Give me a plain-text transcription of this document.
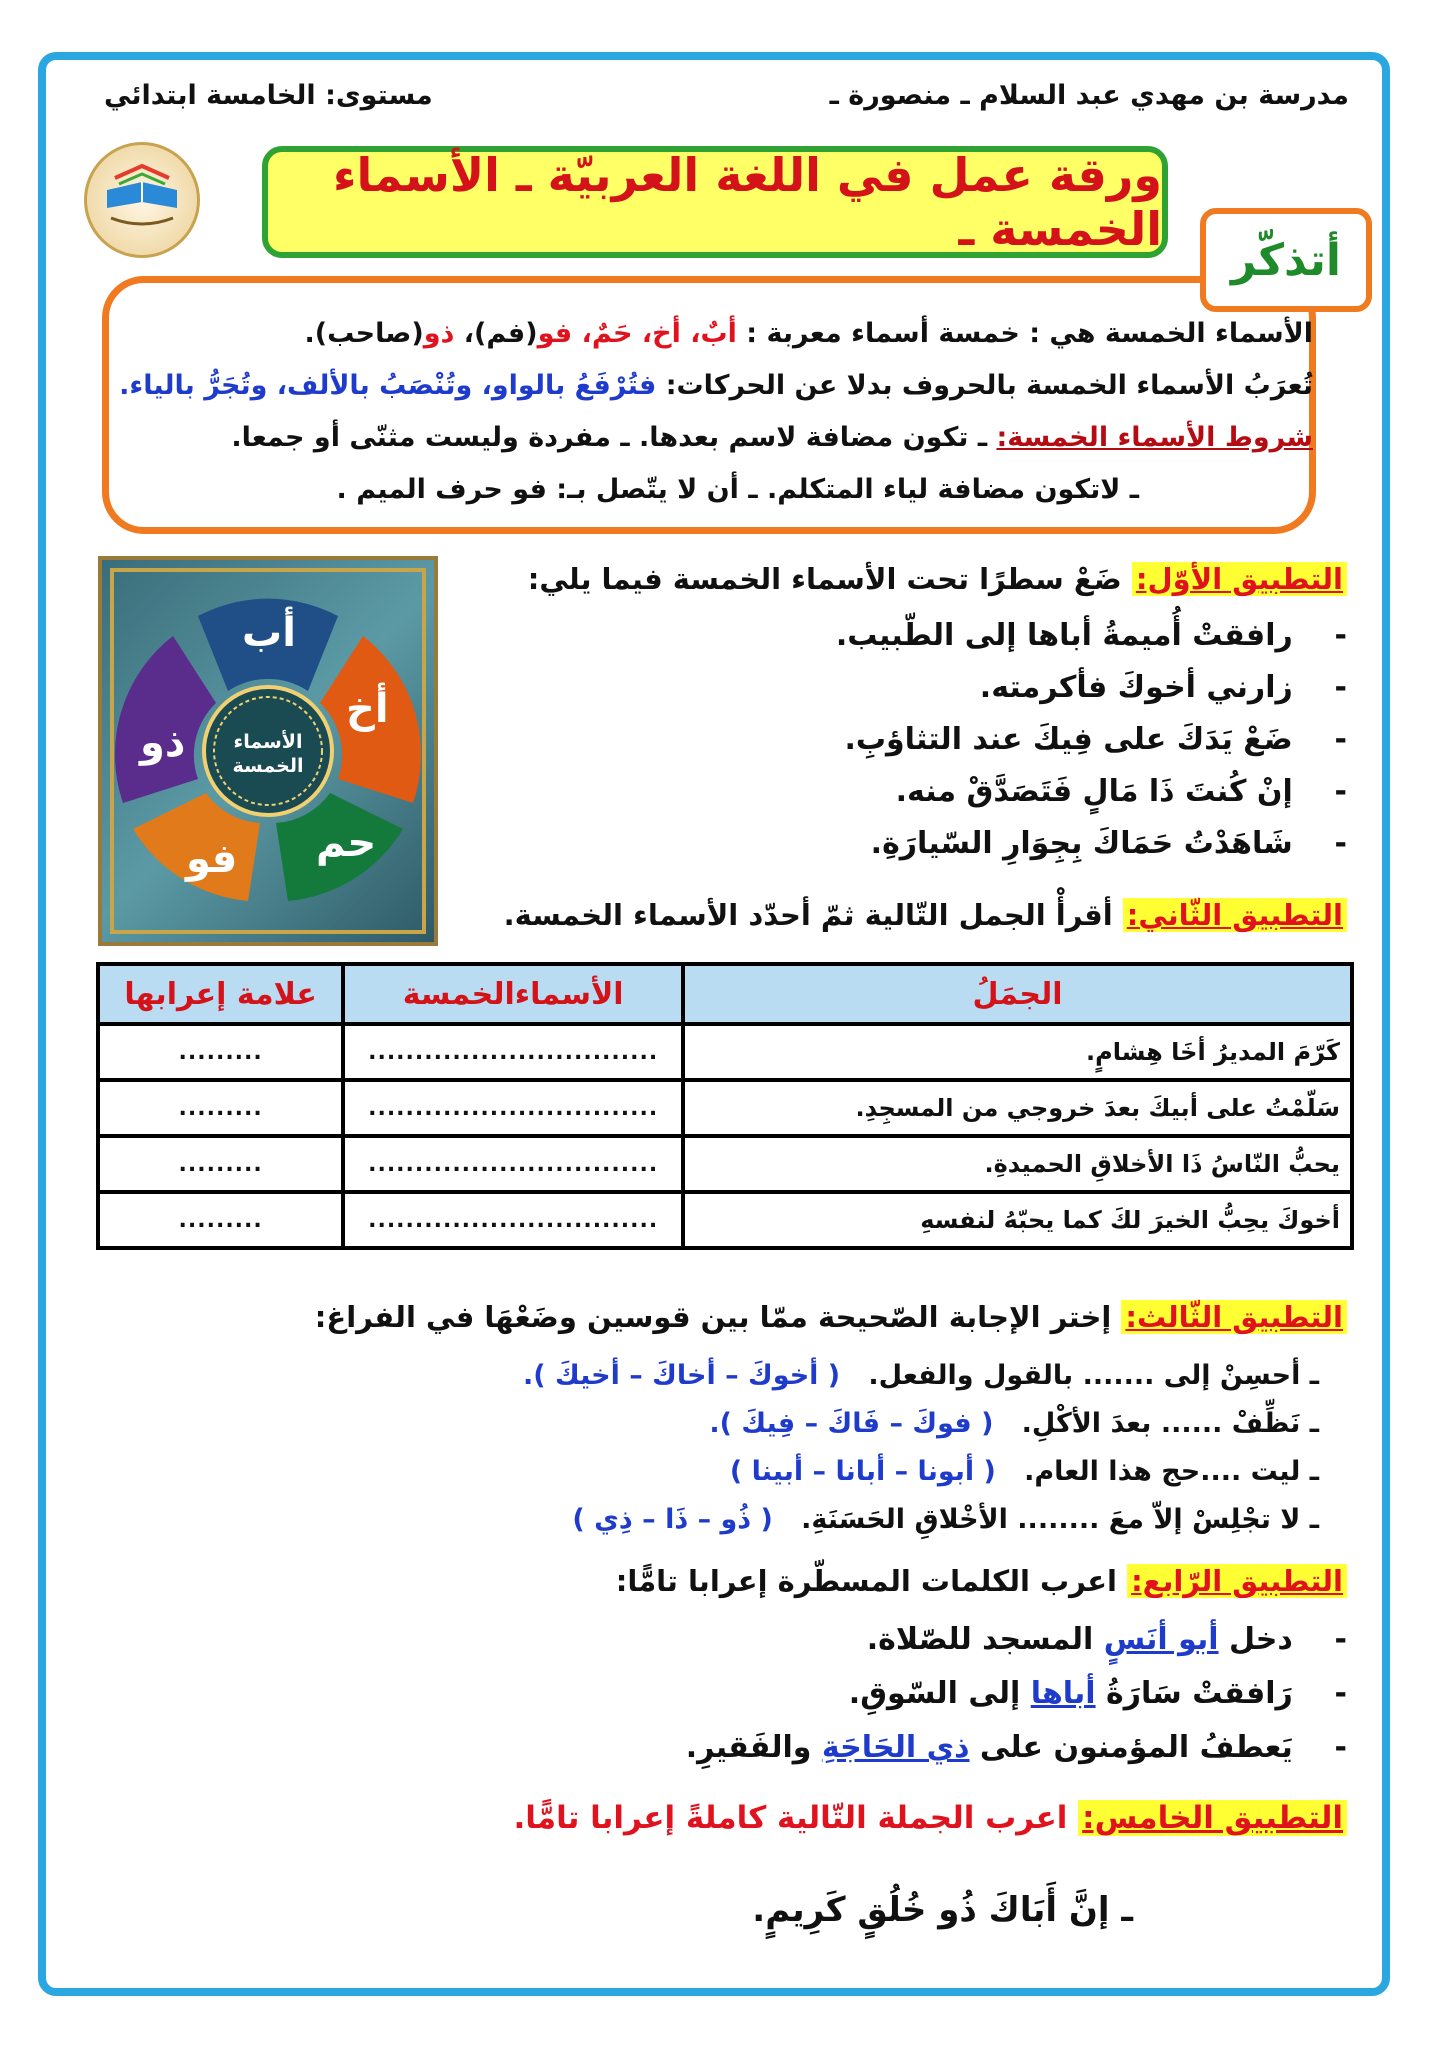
مدرسة بن مهدي عبد السلام ـ منصورة ـ
مستوى: الخامسة ابتدائي
ورقة عمل في اللغة العربيّة ـ الأسماء الخمسة ـ
أتذكّر
الأسماء الخمسة هي : خمسة أسماء معربة : أبٌ، أخ، حَمٌ، فو(فم)، ذو(صاحب).
تُعرَبُ الأسماء الخمسة بالحروف بدلا عن الحركات: فتُرْفَعُ بالواو، وتُنْصَبُ بالألف، وتُجَرُّ بالياء.
شروط الأسماء الخمسة: ـ تكون مضافة لاسم بعدها. ـ مفردة وليست مثنّى أو جمعا.
ـ لاتكون مضافة لياء المتكلم. ـ أن لا يتّصل بـ: فو حرف الميم .
الأسماء الخمسة
أب
أخ
حم
فو
ذو
التطبيق الأوّل: ضَعْ سطرًا تحت الأسماء الخمسة فيما يلي:
-    رافقتْ أُميمةُ أباها إلى الطّبيب.
-    زارني أخوكَ فأكرمته.
-    ضَعْ يَدَكَ على فِيكَ عند التثاؤبِ.
-    إنْ كُنتَ ذَا مَالٍ فَتَصَدَّقْ منه.
-    شَاهَدْتُ حَمَاكَ بِجِوَارِ السّيارَةِ.
التطبيق الثّاني: أقرأْ الجمل التّالية ثمّ أحدّد الأسماء الخمسة.
الجمَلُ	الأسماءالخمسة	علامة إعرابها
كَرّمَ المديرُ أخَا هِشامٍ.	...............................	.........
سَلّمْتُ على أبيكَ بعدَ خروجي من المسجِدِ.	...............................	.........
يحبُّ النّاسُ ذَا الأخلاقِ الحميدةِ.	...............................	.........
أخوكَ يحِبُّ الخيرَ لكَ كما يحبّهُ لنفسهِ	...............................	.........
التطبيق الثّالث: إختر الإجابة الصّحيحة ممّا بين قوسين وضَعْهَا في الفراغ:
ـ أحسِنْ إلى ....... بالقول والفعل.   ( أخوكَ – أخاكَ – أخيكَ ).
ـ نَظِّفْ ...... بعدَ الأكْلِ.   ( فوكَ – فَاكَ – فِيكَ ).
ـ ليت ....حج هذا العام.   ( أبونا – أبانا – أبينا )
ـ لا تجْلِسْ إلاّ معَ ........ الأخْلاقِ الحَسَنَةِ.   ( ذُو – ذَا – ذِي )
التطبيق الرّابع: اعرب الكلمات المسطّرة إعرابا تامًّا:
-    دخل أبو أنَسٍ المسجد للصّلاة.
-    رَافقتْ سَارَةُ أباها إلى السّوقِ.
-    يَعطفُ المؤمنون على ذي الحَاجَةِ والفَقيرِ.
التطبيق الخامس: اعرب الجملة التّالية كاملةً إعرابا تامًّا.
ـ إنَّ أَبَاكَ ذُو خُلُقٍ كَرِيمٍ.
